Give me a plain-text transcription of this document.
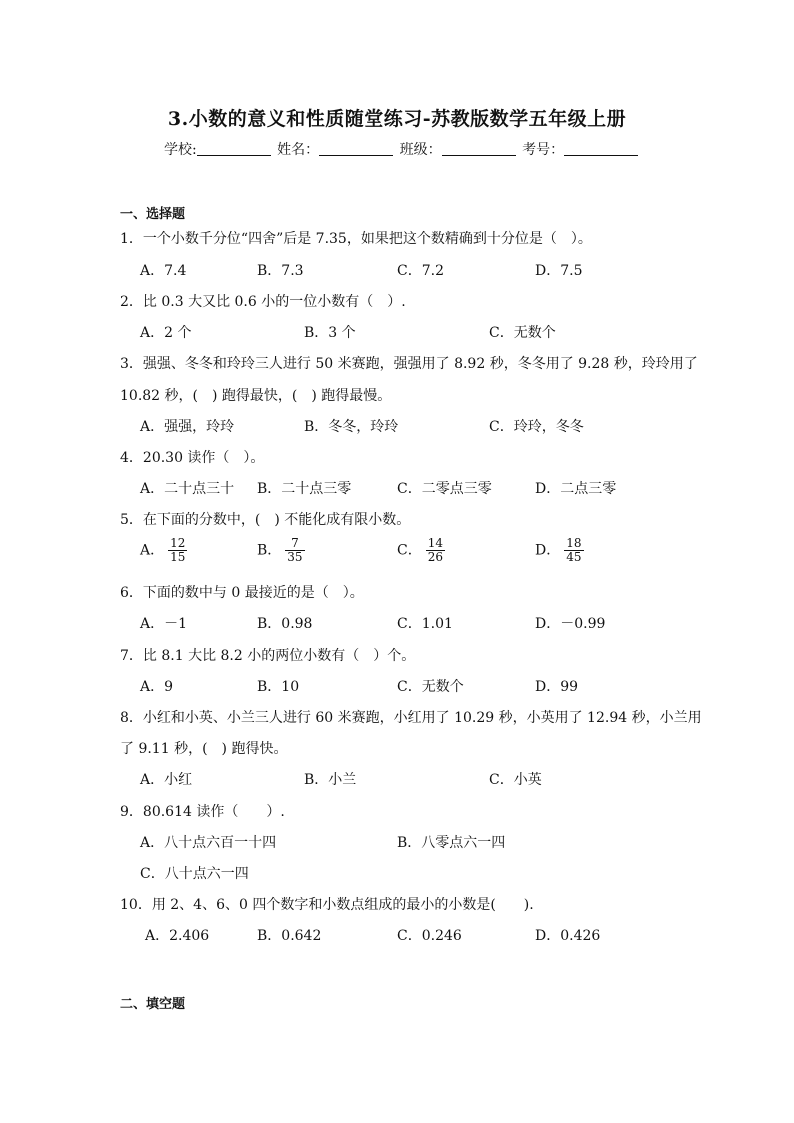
3.小数的意义和性质随堂练习-苏教版数学五年级上册
学校:	姓名：	班级：	考号：
一、选择题
1．一个小数千分位“四舍”后是 7.35，如果把这个数精确到十分位是（　）。
A．7.4	B．7.3	C．7.2	D．7.5
2．比 0.3 大又比 0.6 小的一位小数有（　）.
A．2 个	B．3 个	C．无数个
3．强强、冬冬和玲玲三人进行 50 米赛跑，强强用了 8.92 秒，冬冬用了 9.28 秒，玲玲用了
10.82 秒，(　) 跑得最快，(　) 跑得最慢。
A．强强，玲玲	B．冬冬，玲玲	C．玲玲，冬冬
4．20.30 读作（　）。
A．二十点三十 B．二十点三零	C．二零点三零	D．二点三零
5．在下面的分数中，(　) 不能化成有限小数。
A． $\frac{12}{15}$	B． $\frac{7}{35}$	C． $\frac{14}{26}$	D． $\frac{18}{45}$
6．下面的数中与 0 最接近的是（　）。
A．－1	B．0.98	C．1.01	D．－0.99
7．比 8.1 大比 8.2 小的两位小数有（　）个。
A．9	B．10	C．无数个	D．99
8．小红和小英、小兰三人进行 60 米赛跑，小红用了 10.29 秒，小英用了 12.94 秒，小兰用
了 9.11 秒，(　) 跑得快。
A．小红	B．小兰	C．小英
9．80.614 读作（　　）.
A．八十点六百一十四	B．八零点六一四
C．八十点六一四
10．用 2、4、6、0 四个数字和小数点组成的最小的小数是(　　).
A．2.406	B．0.642	C．0.246	D．0.426
二、填空题
